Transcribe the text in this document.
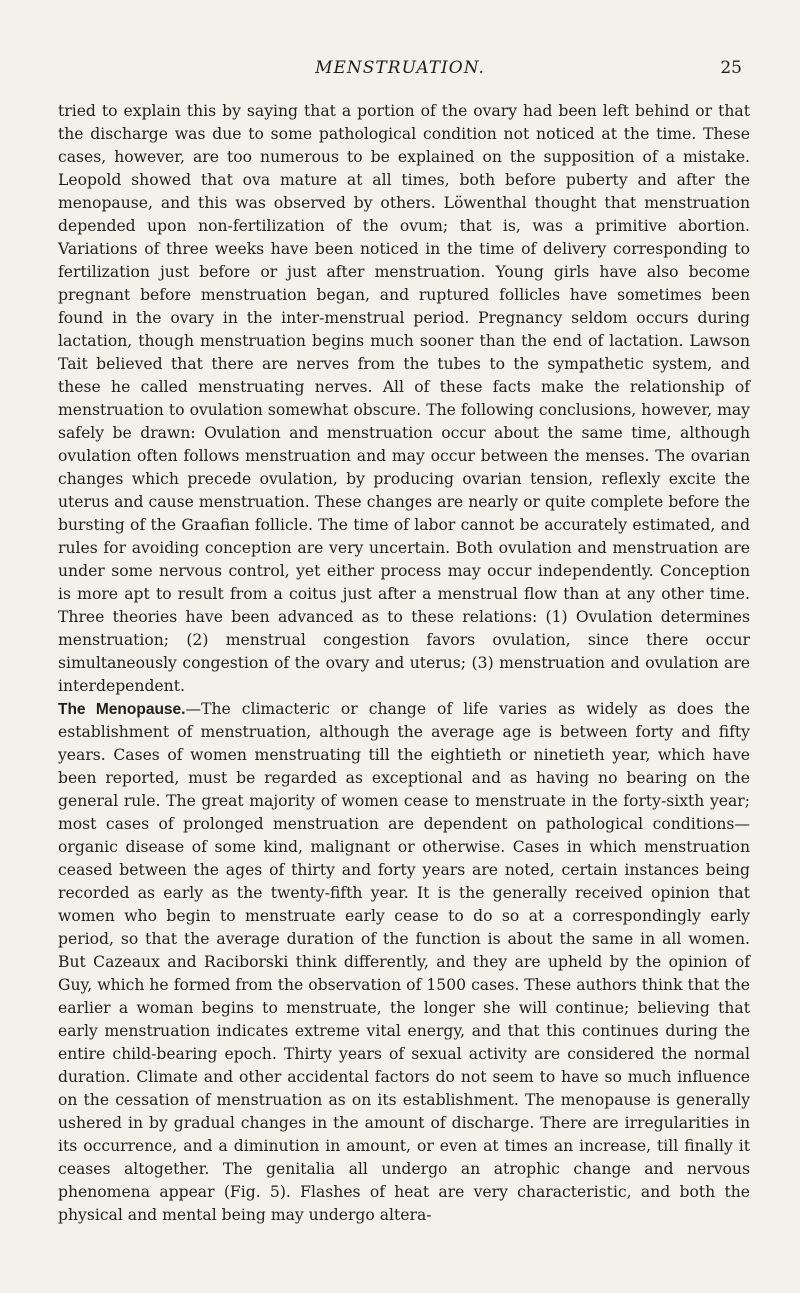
MENSTRUATION.	25

tried to explain this by saying that a portion of the ovary had been left behind or that the discharge was due to some pathological condition not noticed at the time. These cases, however, are too numerous to be explained on the supposition of a mistake. Leopold showed that ova mature at all times, both before puberty and after the menopause, and this was observed by others. Löwenthal thought that menstruation depended upon non-fertilization of the ovum; that is, was a primitive abortion. Variations of three weeks have been noticed in the time of delivery corresponding to fertilization just before or just after menstruation. Young girls have also become pregnant before menstruation began, and ruptured follicles have sometimes been found in the ovary in the inter-menstrual period. Pregnancy seldom occurs during lactation, though menstruation begins much sooner than the end of lactation. Lawson Tait believed that there are nerves from the tubes to the sympathetic system, and these he called menstruating nerves. All of these facts make the relationship of menstruation to ovulation somewhat obscure. The following conclusions, however, may safely be drawn: Ovulation and menstruation occur about the same time, although ovulation often follows menstruation and may occur between the menses. The ovarian changes which precede ovulation, by producing ovarian tension, reflexly excite the uterus and cause menstruation. These changes are nearly or quite complete before the bursting of the Graafian follicle. The time of labor cannot be accurately estimated, and rules for avoiding conception are very uncertain. Both ovulation and menstruation are under some nervous control, yet either process may occur independently. Conception is more apt to result from a coitus just after a menstrual flow than at any other time. Three theories have been advanced as to these relations: (1) Ovulation determines menstruation; (2) menstrual congestion favors ovulation, since there occur simultaneously congestion of the ovary and uterus; (3) menstruation and ovulation are interdependent.

The Menopause.—The climacteric or change of life varies as widely as does the establishment of menstruation, although the average age is between forty and fifty years. Cases of women menstruating till the eightieth or ninetieth year, which have been reported, must be regarded as exceptional and as having no bearing on the general rule. The great majority of women cease to menstruate in the forty-sixth year; most cases of prolonged menstruation are dependent on pathological conditions—organic disease of some kind, malignant or otherwise. Cases in which menstruation ceased between the ages of thirty and forty years are noted, certain instances being recorded as early as the twenty-fifth year. It is the generally received opinion that women who begin to menstruate early cease to do so at a correspondingly early period, so that the average duration of the function is about the same in all women. But Cazeaux and Raciborski think differently, and they are upheld by the opinion of Guy, which he formed from the observation of 1500 cases. These authors think that the earlier a woman begins to menstruate, the longer she will continue; believing that early menstruation indicates extreme vital energy, and that this continues during the entire child-bearing epoch. Thirty years of sexual activity are considered the normal duration. Climate and other accidental factors do not seem to have so much influence on the cessation of menstruation as on its establishment. The menopause is generally ushered in by gradual changes in the amount of discharge. There are irregularities in its occurrence, and a diminution in amount, or even at times an increase, till finally it ceases altogether. The genitalia all undergo an atrophic change and nervous phenomena appear (Fig. 5). Flashes of heat are very characteristic, and both the physical and mental being may undergo altera-
